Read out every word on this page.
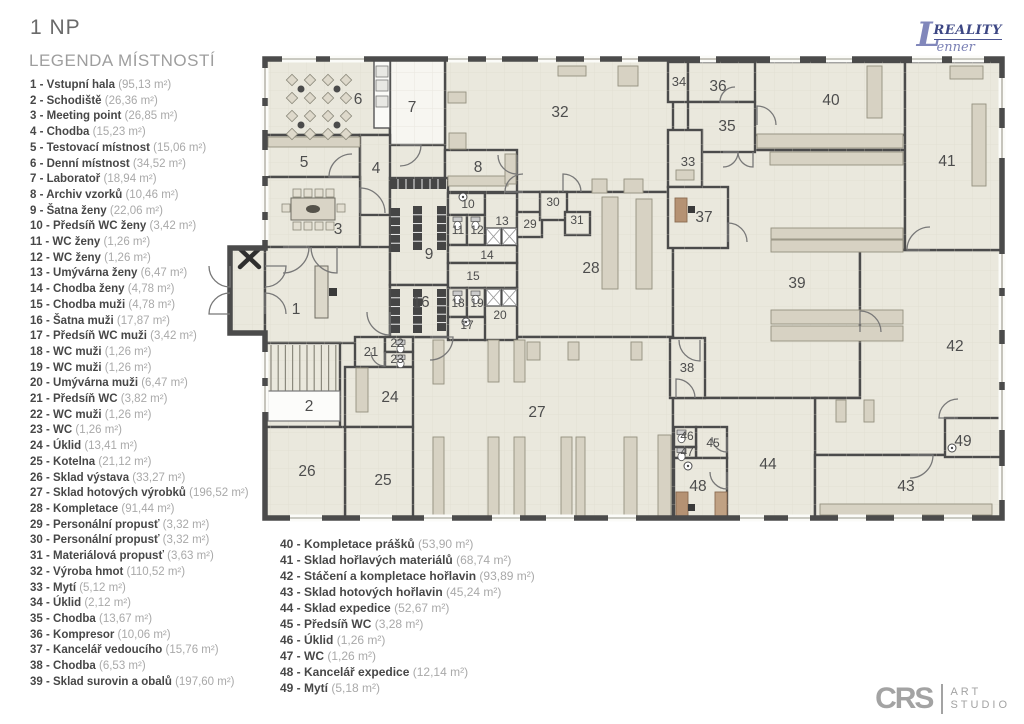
1 NP
LEGENDA MÍSTNOSTÍ
1 - Vstupní hala (95,13 m²)
2 - Schodiště (26,36 m²)
3 - Meeting point (26,85 m²)
4 - Chodba (15,23 m²)
5 - Testovací místnost (15,06 m²)
6 - Denní místnost (34,52 m²)
7 - Laboratoř (18,94 m²)
8 - Archiv vzorků (10,46 m²)
9 - Šatna ženy (22,06 m²)
10 - Předsíň WC ženy (3,42 m²)
11 - WC ženy (1,26 m²)
12 - WC ženy (1,26 m²)
13 - Umývárna ženy (6,47 m²)
14 - Chodba ženy (4,78 m²)
15 - Chodba muži (4,78 m²)
16 - Šatna muži (17,87 m²)
17 - Předsíň WC muži (3,42 m²)
18 - WC muži (1,26 m²)
19 - WC muži (1,26 m²)
20 - Umývárna muži (6,47 m²)
21 - Předsíň WC (3,82 m²)
22 - WC muži (1,26 m²)
23 - WC (1,26 m²)
24 - Úklid (13,41 m²)
25 - Kotelna (21,12 m²)
26 - Sklad výstava (33,27 m²)
27 - Sklad hotových výrobků (196,52 m²)
28 - Kompletace (91,44 m²)
29 - Personální propusť (3,32 m²)
30 - Personální propusť (3,32 m²)
31 - Materiálová propusť (3,63 m²)
32 - Výroba hmot (110,52 m²)
33 - Mytí (5,12 m²)
34 - Úklid (2,12 m²)
35 - Chodba (13,67 m²)
36 - Kompresor (10,06 m²)
37 - Kancelář vedoucího (15,76 m²)
38 - Chodba (6,53 m²)
39 - Sklad surovin a obalů (197,60 m²)
40 - Kompletace prášků (53,90 m²)
41 - Sklad hořlavých materiálů (68,74 m²)
42 - Stáčení a kompletace hořlavin (93,89 m²)
43 - Sklad hotových hořlavin (45,24 m²)
44 - Sklad expedice (52,67 m²)
45 - Předsíň WC (3,28 m²)
46 - Úklid (1,26 m²)
47 - WC (1,26 m²)
48 - Kancelář expedice (12,14 m²)
49 - Mytí (5,18 m²)
32
28
39
42
27
44
6	7
5	4
3
1
2
8
9
16
40
41
43
10
11 12
13
14
15
18 19
20
17
29
30
31
21
22
23
24
25
26
34 36
35
33
37
38
45
46
47
48
49
L
REALITY
enner
CRS ART
STUDIO
